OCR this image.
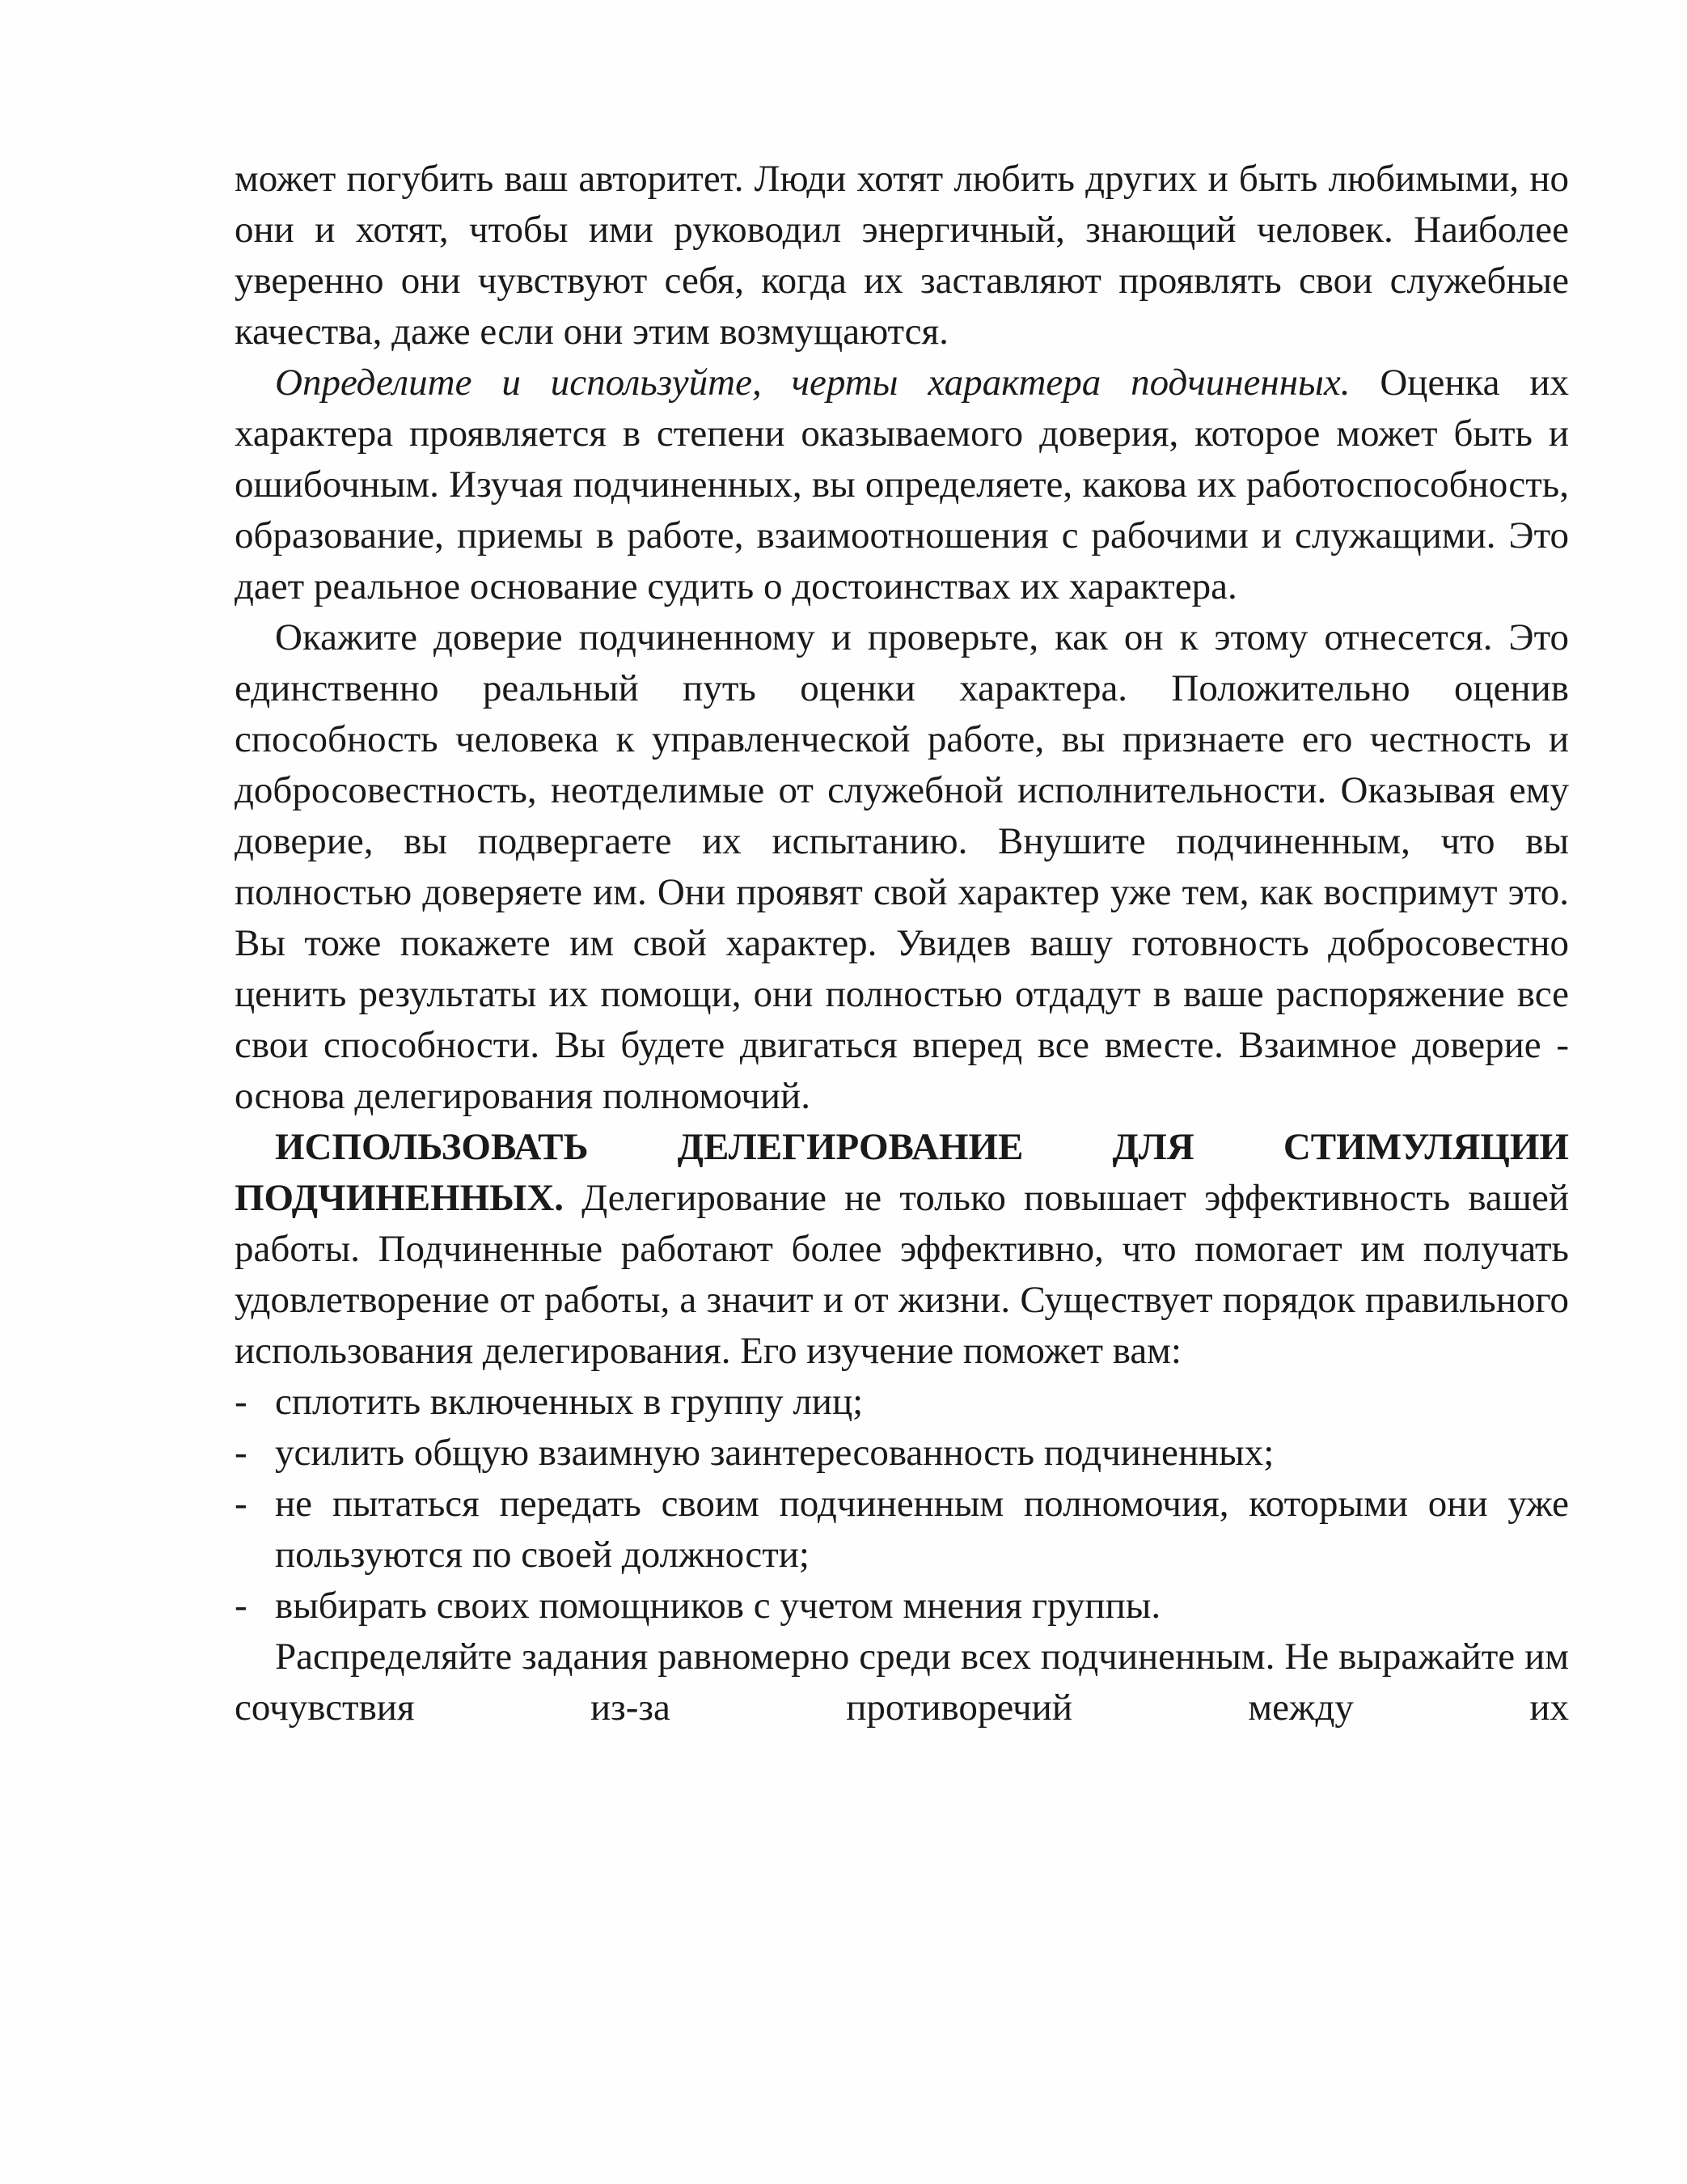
может погубить ваш авторитет. Люди хотят любить других и быть любимыми, но они и хотят, чтобы ими руководил энергичный, знающий человек. Наиболее уверенно они чувствуют себя, когда их заставляют проявлять свои служебные качества, даже если они этим возмущаются.

Определите и используйте, черты характера подчиненных. Оценка их характера проявляется в степени оказываемого доверия, которое может быть и ошибочным. Изучая подчиненных, вы определяете, какова их работоспособность, образование, приемы в работе, взаимоотношения с рабочими и служащими. Это дает реальное основание судить о достоинствах их характера.

Окажите доверие подчиненному и проверьте, как он к этому отнесется. Это единственно реальный путь оценки характера. Положительно оценив способность человека к управленческой работе, вы признаете его честность и добросовестность, неотделимые от служебной исполнительности. Оказывая ему доверие, вы подвергаете их испытанию. Внушите подчиненным, что вы полностью доверяете им. Они проявят свой характер уже тем, как воспримут это. Вы тоже покажете им свой характер. Увидев вашу готовность добросовестно ценить результаты их помощи, они полностью отдадут в ваше распоряжение все свои способности. Вы будете двигаться вперед все вместе. Взаимное доверие - основа делегирования полномочий.

ИСПОЛЬЗОВАТЬ ДЕЛЕГИРОВАНИЕ ДЛЯ СТИМУЛЯЦИИ ПОДЧИНЕННЫХ. Делегирование не только повышает эффективность вашей работы. Подчиненные работают более эффективно, что помогает им получать удовлетворение от работы, а значит и от жизни. Существует порядок правильного использования делегирования. Его изучение поможет вам:

- сплотить включенных в группу лиц;
- усилить общую взаимную заинтересованность подчиненных;
- не пытаться передать своим подчиненным полномочия, которыми они уже пользуются по своей должности;
- выбирать своих помощников с учетом мнения группы.

Распределяйте задания равномерно среди всех подчиненным. Не выражайте им сочувствия из-за противоречий между их
